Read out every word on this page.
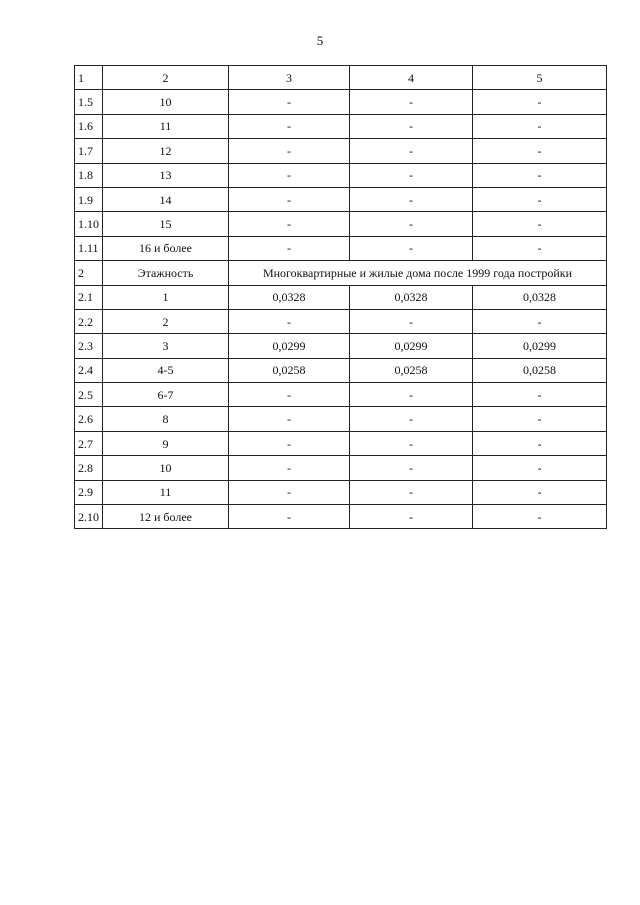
5
1	2	3	4	5
1.5	10	-	-	-
1.6	11	-	-	-
1.7	12	-	-	-
1.8	13	-	-	-
1.9	14	-	-	-
1.10	15	-	-	-
1.11	16 и более	-	-	-
2	Этажность	Многоквартирные и жилые дома после 1999 года постройки		
2.1	1	0,0328	0,0328	0,0328
2.2	2	-	-	-
2.3	3	0,0299	0,0299	0,0299
2.4	4-5	0,0258	0,0258	0,0258
2.5	6-7	-	-	-
2.6	8	-	-	-
2.7	9	-	-	-
2.8	10	-	-	-
2.9	11	-	-	-
2.10	12 и более	-	-	-
